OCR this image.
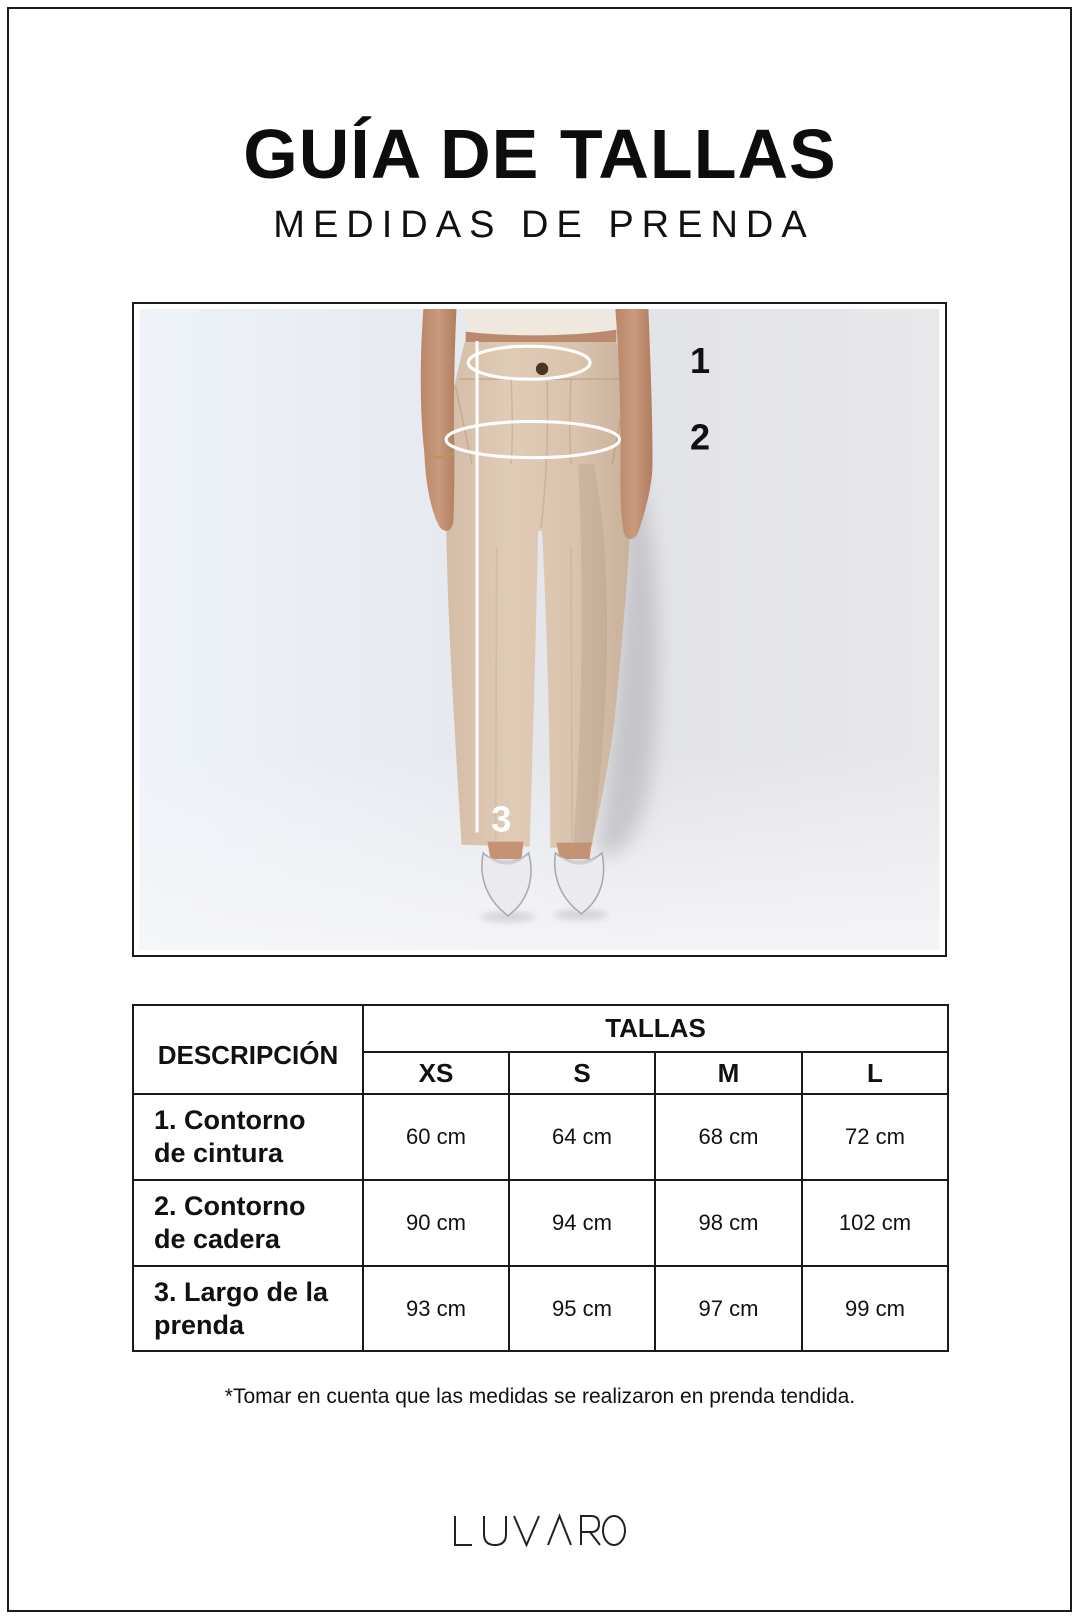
GUÍA DE TALLAS
MEDIDAS DE PRENDA
1
2
3
DESCRIPCIÓN	TALLAS			
	XS	S	M	L

1. Contorno
de cintura	60 cm	64 cm	68 cm	72 cm

2. Contorno
de cadera	90 cm	94 cm	98 cm	102 cm

3. Largo de la
prenda	93 cm	95 cm	97 cm	99 cm
*Tomar en cuenta que las medidas se realizaron en prenda tendida.
